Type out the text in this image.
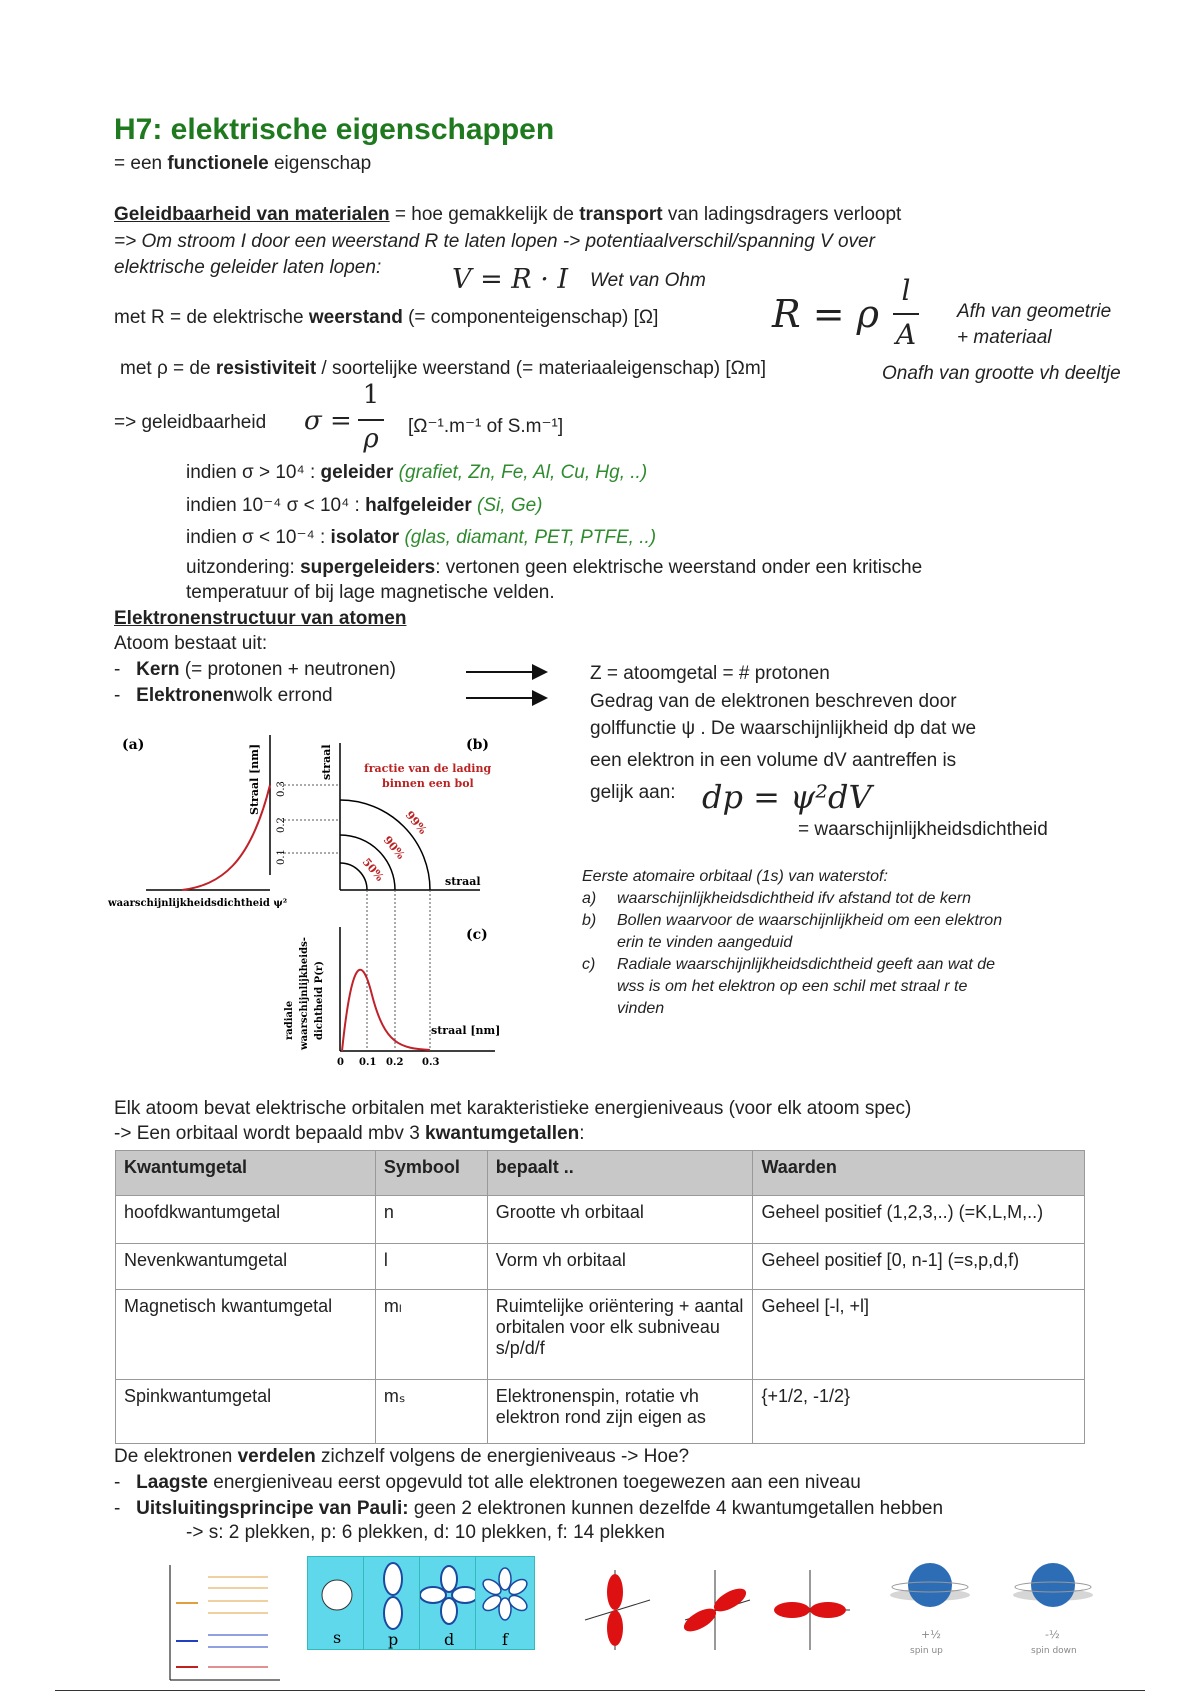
H7: elektrische eigenschappen
= een functionele eigenschap
Geleidbaarheid van materialen = hoe gemakkelijk de transport van ladingsdragers verloopt
=> Om stroom I door een weerstand R te laten lopen -> potentiaalverschil/spanning V over
elektrische geleider laten lopen:	V = R · I Wet van Ohm
met R = de elektrische weerstand (= componenteigenschap) [Ω]	R = ρ
l
A
Afh van geometrie
+ materiaal
met ρ = de resistiviteit / soortelijke weerstand (= materiaaleigenschap) [Ωm]	Onafh van grootte vh deeltje
=> geleidbaarheid σ =
1
ρ [Ω⁻¹.m⁻¹ of S.m⁻¹]
indien σ > 10⁴ : geleider (grafiet, Zn, Fe, Al, Cu, Hg, ..)
indien 10⁻⁴ σ < 10⁴ : halfgeleider (Si, Ge)
indien σ < 10⁻⁴ : isolator (glas, diamant, PET, PTFE, ..)
uitzondering: supergeleiders: vertonen geen elektrische weerstand onder een kritische
temperatuur of bij lage magnetische velden.
Elektronenstructuur van atomen
Atoom bestaat uit:
-   Kern (= protonen + neutronen)
-   Elektronenwolk errond
Z = atoomgetal = # protonen
Gedrag van de elektronen beschreven door
golffunctie ψ . De waarschijnlijkheid dp dat we
een elektron in een volume dV aantreffen is
gelijk aan: dp = ψ²dV
= waarschijnlijkheidsdichtheid
Eerste atomaire orbitaal (1s) van waterstof:
a) waarschijnlijkheidsdichtheid ifv afstand tot de kern
b) Bollen waarvoor de waarschijnlijkheid om een elektron
erin te vinden aangeduid
c) Radiale waarschijnlijkheidsdichtheid geeft aan wat de
wss is om het elektron op een schil met straal r te
vinden
(a)	Straal [nm]
0.1
0.2
0.3
waarschijnlijkheidsdichtheid ψ²
(b)
straal	fractie van de lading
binnen een bol
99%
90%
50%	straal
(c)
radiale waarschijnlijkheids- dichtheid P(r)	straal [nm]
0 0.1 0.2 0.3
Elk atoom bevat elektrische orbitalen met karakteristieke energieniveaus (voor elk atoom spec)
-> Een orbitaal wordt bepaald mbv 3 kwantumgetallen:
Kwantumgetal	Symbool	bepaalt ..	Waarden
hoofdkwantumgetal	n	Grootte vh orbitaal	Geheel positief (1,2,3,..) (=K,L,M,..)
Nevenkwantumgetal	l	Vorm vh orbitaal	Geheel positief [0, n-1] (=s,p,d,f)
Magnetisch kwantumgetal	mₗ	Ruimtelijke oriëntering + aantal orbitalen voor elk subniveau s/p/d/f	Geheel [-l, +l]
Spinkwantumgetal	mₛ	Elektronenspin, rotatie vh elektron rond zijn eigen as	{+1/2, -1/2}
De elektronen verdelen zichzelf volgens de energieniveaus -> Hoe?
-   Laagste energieniveau eerst opgevuld tot alle elektronen toegewezen aan een niveau
-   Uitsluitingsprincipe van Pauli: geen 2 elektronen kunnen dezelfde 4 kwantumgetallen hebben
-> s: 2 plekken, p: 6 plekken, d: 10 plekken, f: 14 plekken
s	p	d	f	+½
spin up
-½
spin down
